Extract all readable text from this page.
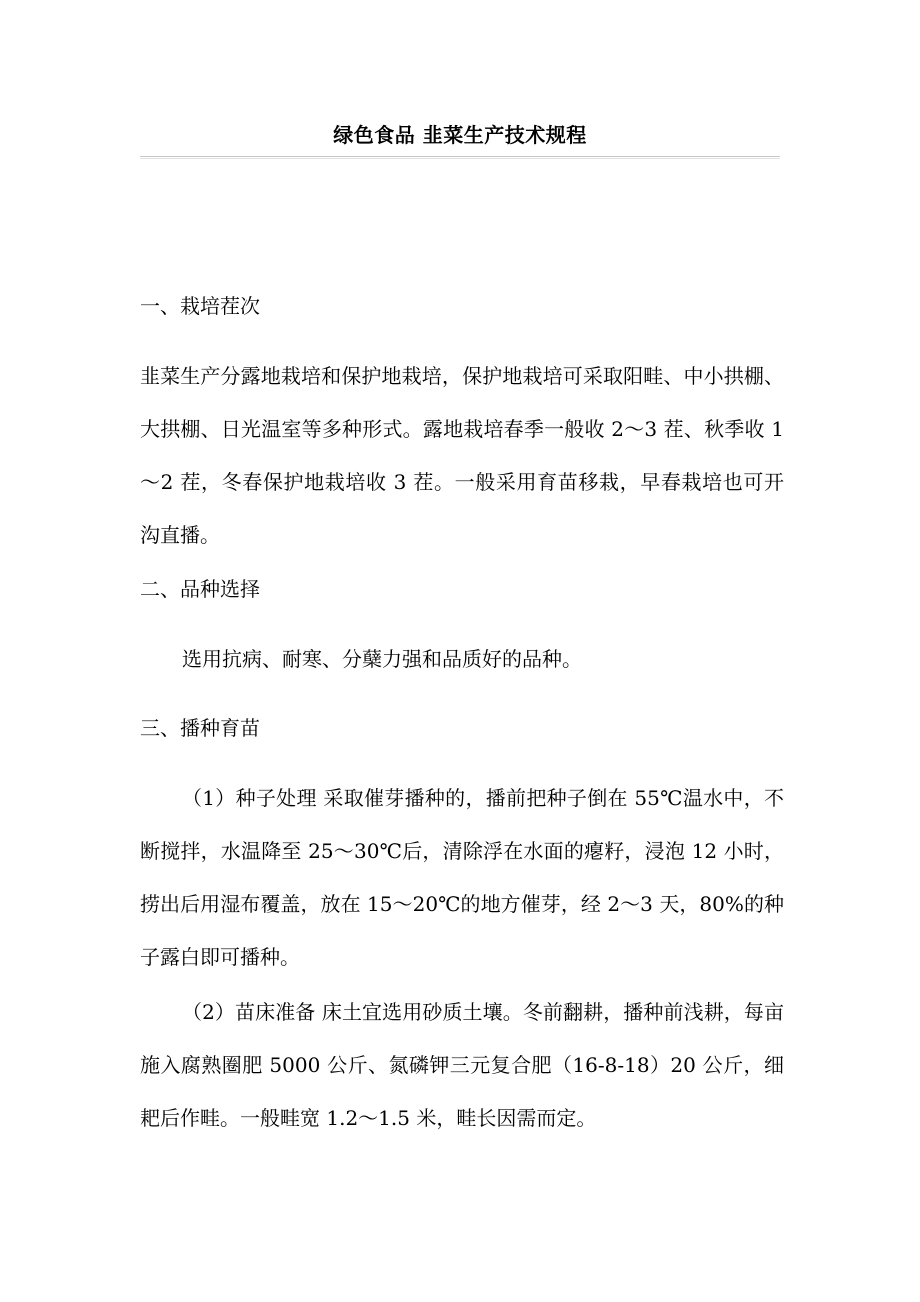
绿色食品 韭菜生产技术规程
一、栽培茬次

韭菜生产分露地栽培和保护地栽培，保护地栽培可采取阳畦、中小拱棚、大拱棚、日光温室等多种形式。露地栽培春季一般收 2～3 茬、秋季收 1～2 茬，冬春保护地栽培收 3 茬。一般采用育苗移栽，早春栽培也可开沟直播。

二、品种选择

选用抗病、耐寒、分蘖力强和品质好的品种。

三、播种育苗

（1）种子处理 采取催芽播种的，播前把种子倒在 55℃温水中，不断搅拌，水温降至 25～30℃后，清除浮在水面的瘪籽，浸泡 12 小时，捞出后用湿布覆盖，放在 15～20℃的地方催芽，经 2～3 天，80%的种子露白即可播种。

（2）苗床准备 床土宜选用砂质土壤。冬前翻耕，播种前浅耕，每亩施入腐熟圈肥 5000 公斤、氮磷钾三元复合肥（16-8-18）20 公斤，细耙后作畦。一般畦宽 1.2～1.5 米，畦长因需而定。
